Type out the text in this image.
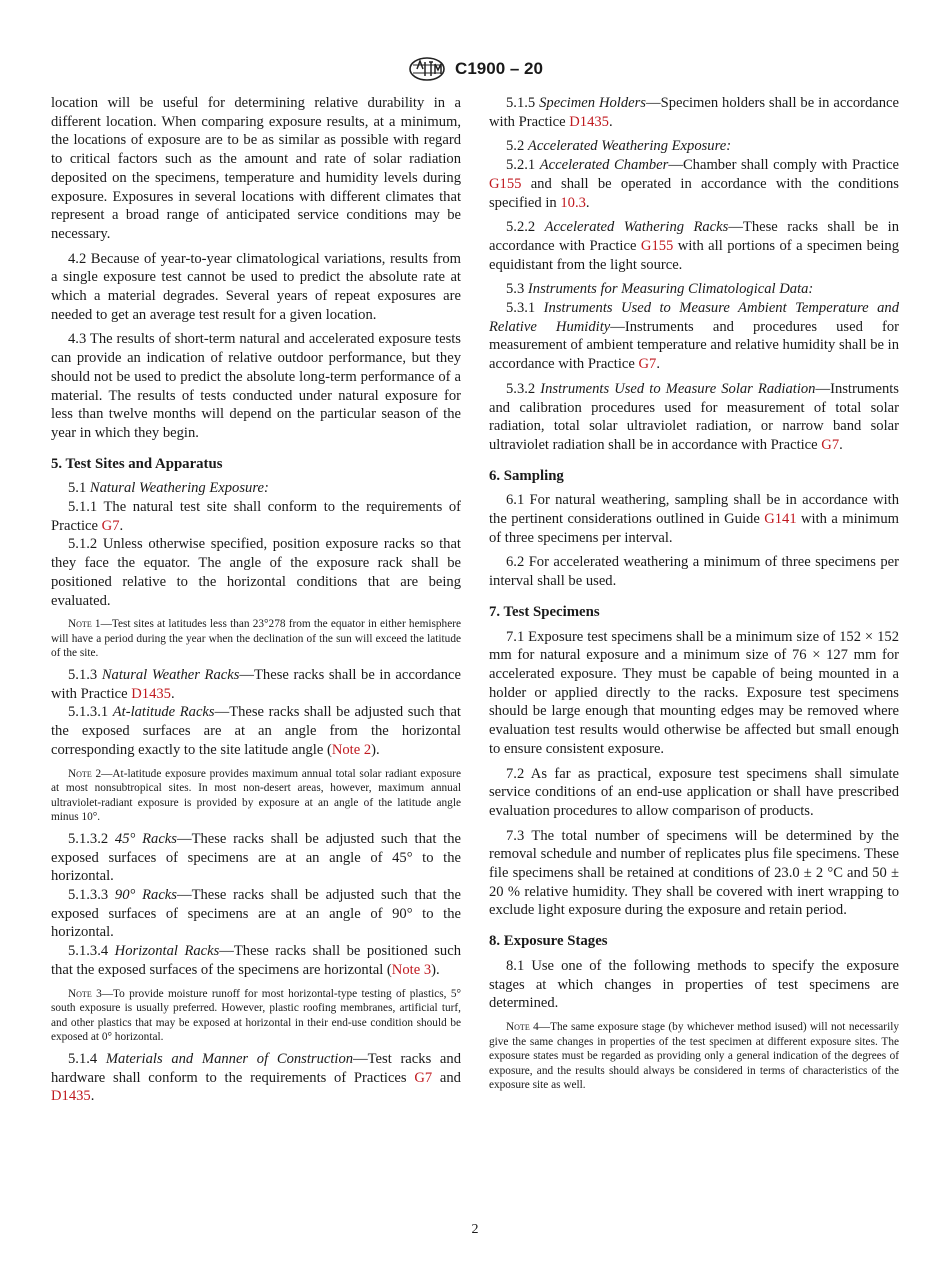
C1900 – 20

location will be useful for determining relative durability in a different location. When comparing exposure results, at a minimum, the locations of exposure are to be as similar as possible with regard to critical factors such as the amount and rate of solar radiation deposited on the specimens, temperature and humidity levels during exposure. Exposures in several locations with different climates that represent a broad range of anticipated service conditions may be necessary.

4.2 Because of year-to-year climatological variations, results from a single exposure test cannot be used to predict the absolute rate at which a material degrades. Several years of repeat exposures are needed to get an average test result for a given location.

4.3 The results of short-term natural and accelerated exposure tests can provide an indication of relative outdoor performance, but they should not be used to predict the absolute long-term performance of a material. The results of tests conducted under natural exposure for less than twelve months will depend on the particular season of the year in which they begin.

5. Test Sites and Apparatus

5.1 Natural Weathering Exposure:

5.1.1 The natural test site shall conform to the requirements of Practice G7.

5.1.2 Unless otherwise specified, position exposure racks so that they face the equator. The angle of the exposure rack shall be positioned relative to the horizontal conditions that are being evaluated.

Note 1—Test sites at latitudes less than 23°278 from the equator in either hemisphere will have a period during the year when the declination of the sun will exceed the latitude of the site.

5.1.3 Natural Weather Racks—These racks shall be in accordance with Practice D1435.

5.1.3.1 At-latitude Racks—These racks shall be adjusted such that the exposed surfaces are at an angle from the horizontal corresponding exactly to the site latitude angle (Note 2).

Note 2—At-latitude exposure provides maximum annual total solar radiant exposure at most nonsubtropical sites. In most non-desert areas, however, maximum annual ultraviolet-radiant exposure is provided by exposure at an angle of the latitude angle minus 10°.

5.1.3.2 45° Racks—These racks shall be adjusted such that the exposed surfaces of specimens are at an angle of 45° to the horizontal.

5.1.3.3 90° Racks—These racks shall be adjusted such that the exposed surfaces of specimens are at an angle of 90° to the horizontal.

5.1.3.4 Horizontal Racks—These racks shall be positioned such that the exposed surfaces of the specimens are horizontal (Note 3).

Note 3—To provide moisture runoff for most horizontal-type testing of plastics, 5° south exposure is usually preferred. However, plastic roofing membranes, artificial turf, and other plastics that may be exposed at horizontal in their end-use condition should be exposed at 0° horizontal.

5.1.4 Materials and Manner of Construction—Test racks and hardware shall conform to the requirements of Practices G7 and D1435.

5.1.5 Specimen Holders—Specimen holders shall be in accordance with Practice D1435.

5.2 Accelerated Weathering Exposure:

5.2.1 Accelerated Chamber—Chamber shall comply with Practice G155 and shall be operated in accordance with the conditions specified in 10.3.

5.2.2 Accelerated Wathering Racks—These racks shall be in accordance with Practice G155 with all portions of a specimen being equidistant from the light source.

5.3 Instruments for Measuring Climatological Data:

5.3.1 Instruments Used to Measure Ambient Temperature and Relative Humidity—Instruments and procedures used for measurement of ambient temperature and relative humidity shall be in accordance with Practice G7.

5.3.2 Instruments Used to Measure Solar Radiation—Instruments and calibration procedures used for measurement of total solar radiation, total solar ultraviolet radiation, or narrow band solar ultraviolet radiation shall be in accordance with Practice G7.

6. Sampling

6.1 For natural weathering, sampling shall be in accordance with the pertinent considerations outlined in Guide G141 with a minimum of three specimens per interval.

6.2 For accelerated weathering a minimum of three specimens per interval shall be used.

7. Test Specimens

7.1 Exposure test specimens shall be a minimum size of 152 × 152 mm for natural exposure and a minimum size of 76 × 127 mm for accelerated exposure. They must be capable of being mounted in a holder or applied directly to the racks. Exposure test specimens should be large enough that mounting edges may be removed where evaluation test results would otherwise be affected but small enough to ensure consistent exposure.

7.2 As far as practical, exposure test specimens shall simulate service conditions of an end-use application or shall have prescribed evaluation procedures to allow comparison of products.

7.3 The total number of specimens will be determined by the removal schedule and number of replicates plus file specimens. These file specimens shall be retained at conditions of 23.0 ± 2 °C and 50 ± 20 % relative humidity. They shall be covered with inert wrapping to exclude light exposure during the exposure and retain period.

8. Exposure Stages

8.1 Use one of the following methods to specify the exposure stages at which changes in properties of test specimens are determined.

Note 4—The same exposure stage (by whichever method isused) will not necessarily give the same changes in properties of the test specimen at different exposure sites. The exposure states must be regarded as providing only a general indication of the degrees of exposure, and the results should always be considered in terms of characteristics of the exposure site as well.
2
